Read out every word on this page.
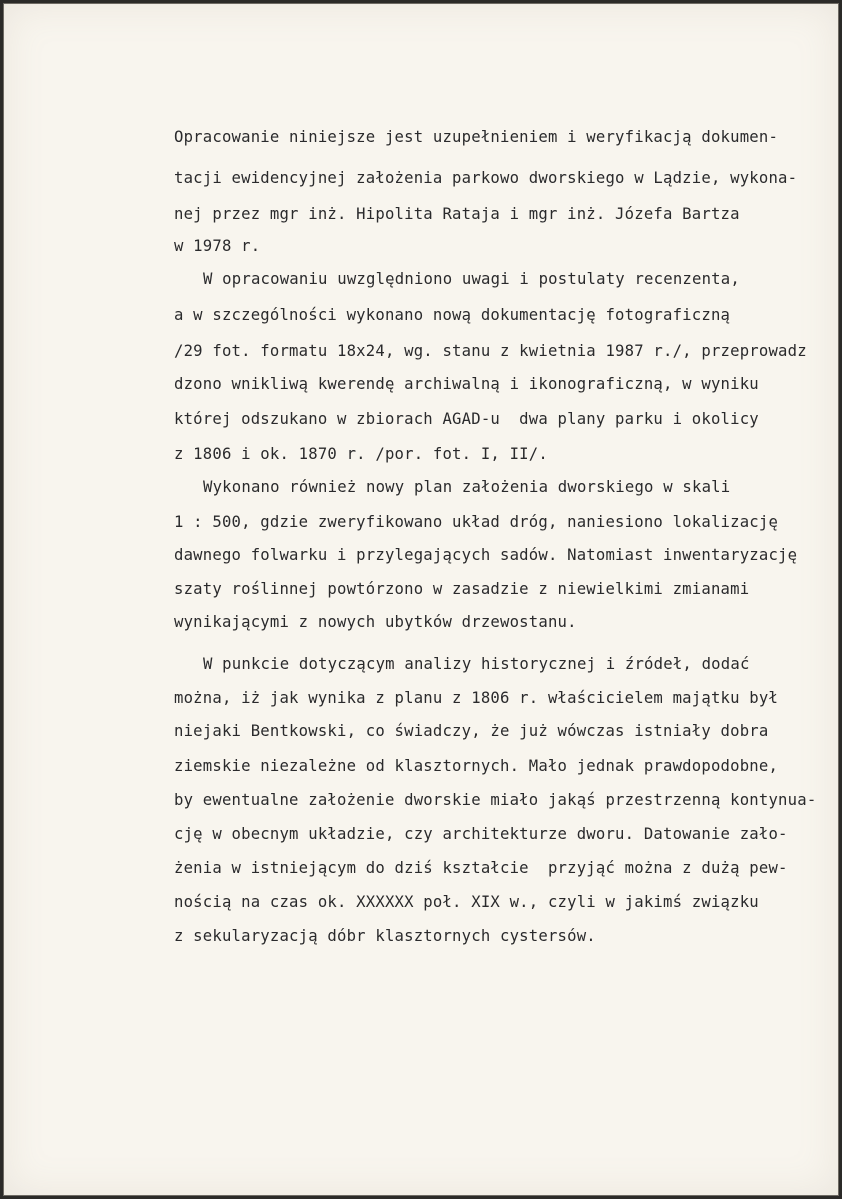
Opracowanie niniejsze jest uzupełnieniem i weryfikacją dokumen-
tacji ewidencyjnej założenia parkowo dworskiego w Lądzie, wykona-
nej przez mgr inż. Hipolita Rataja i mgr inż. Józefa Bartza
w 1978 r.
W opracowaniu uwzględniono uwagi i postulaty recenzenta,
a w szczególności wykonano nową dokumentację fotograficzną
/29 fot. formatu 18x24, wg. stanu z kwietnia 1987 r./, przeprowadz
dzono wnikliwą kwerendę archiwalną i ikonograficzną, w wyniku
której odszukano w zbiorach AGAD-u  dwa plany parku i okolicy
z 1806 i ok. 1870 r. /por. fot. I, II/.
Wykonano również nowy plan założenia dworskiego w skali
1 : 500, gdzie zweryfikowano układ dróg, naniesiono lokalizację
dawnego folwarku i przylegających sadów. Natomiast inwentaryzację
szaty roślinnej powtórzono w zasadzie z niewielkimi zmianami
wynikającymi z nowych ubytków drzewostanu.
W punkcie dotyczącym analizy historycznej i źródeł, dodać
można, iż jak wynika z planu z 1806 r. właścicielem majątku był
niejaki Bentkowski, co świadczy, że już wówczas istniały dobra
ziemskie niezależne od klasztornych. Mało jednak prawdopodobne,
by ewentualne założenie dworskie miało jakąś przestrzenną kontynua-
cję w obecnym układzie, czy architekturze dworu. Datowanie zało-
żenia w istniejącym do dziś kształcie  przyjąć można z dużą pew-
nością na czas ok. XXXXXX poł. XIX w., czyli w jakimś związku
z sekularyzacją dóbr klasztornych cystersów.
